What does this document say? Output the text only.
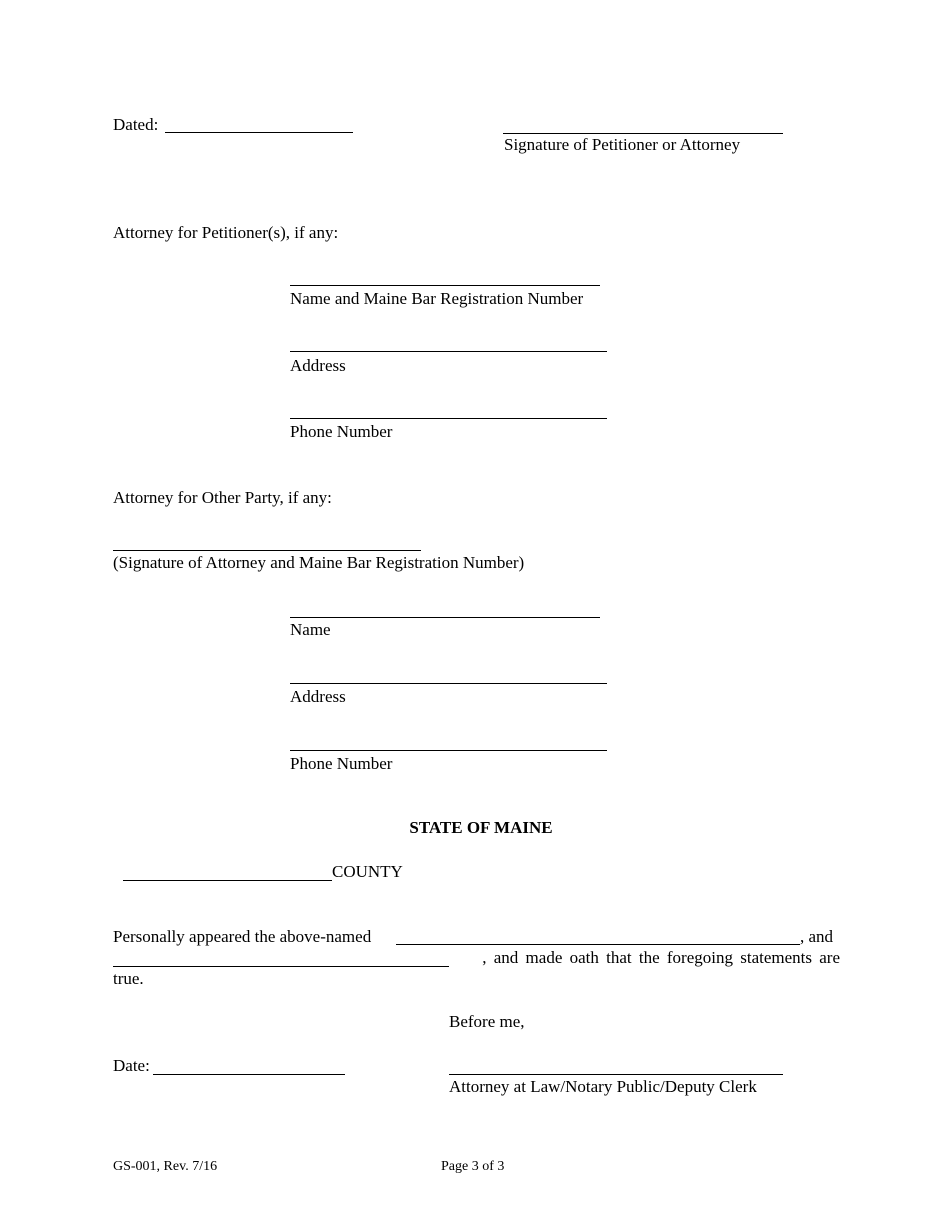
Dated:
Signature of Petitioner or Attorney
Attorney for Petitioner(s), if any:
Name and Maine Bar Registration Number
Address
Phone Number
Attorney for Other Party, if any:
(Signature of Attorney and Maine Bar Registration Number)
Name
Address
Phone Number
STATE OF MAINE
COUNTY
Personally appeared the above-named	, and
, and made oath that the foregoing statements are
true.
Before me,
Date:
Attorney at Law/Notary Public/Deputy Clerk
GS-001, Rev. 7/16	Page 3 of 3
